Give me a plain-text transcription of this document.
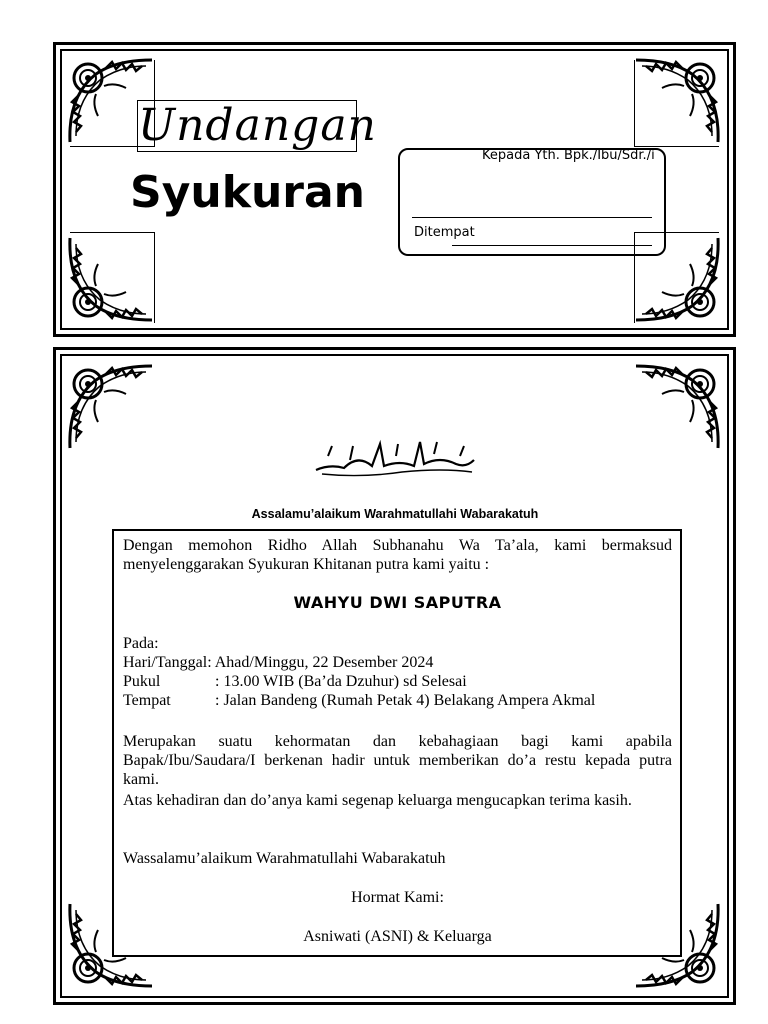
Undangan
Syukuran
Kepada Yth. Bpk./Ibu/Sdr./i
Ditempat
Assalamu’alaikum Warahmatullahi Wabarakatuh
Dengan memohon Ridho Allah Subhanahu Wa Ta’ala, kami bermaksud menyelenggarakan Syukuran Khitanan putra kami yaitu :
WAHYU DWI SAPUTRA
Pada:
Hari/Tanggal: Ahad/Minggu, 22 Desember 2024
Pukul	: 13.00 WIB (Ba’da Dzuhur) sd Selesai
Tempat	: Jalan Bandeng (Rumah Petak 4) Belakang Ampera Akmal
Merupakan suatu kehormatan dan kebahagiaan bagi kami apabila Bapak/Ibu/Saudara/I berkenan hadir untuk memberikan do’a restu kepada putra kami.
Atas kehadiran dan do’anya kami segenap keluarga mengucapkan terima kasih.
Wassalamu’alaikum Warahmatullahi Wabarakatuh
Hormat Kami:
Asniwati (ASNI) & Keluarga
